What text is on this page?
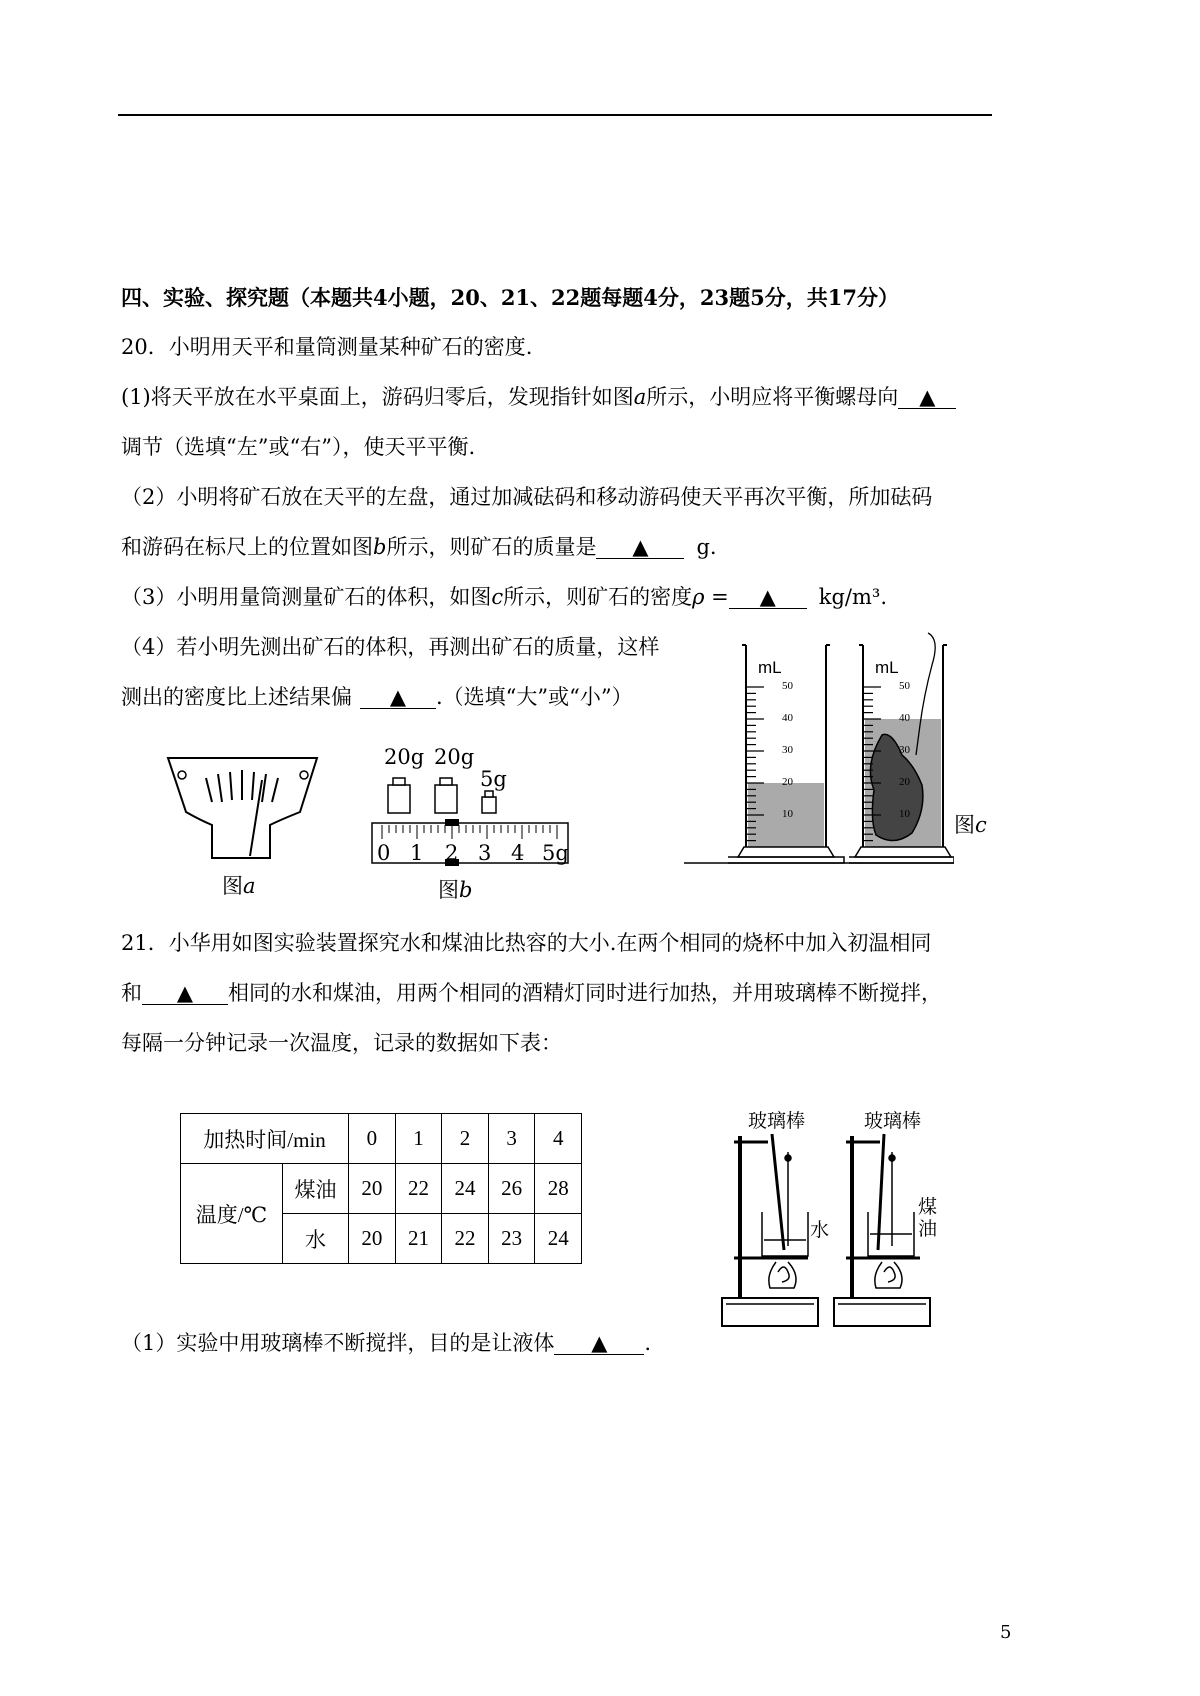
四、实验、探究题（本题共4小题，20、21、22题每题4分，23题5分，共17分）
20．小明用天平和量筒测量某种矿石的密度.
(1)将天平放在水平桌面上，游码归零后，发现指针如图a所示，小明应将平衡螺母向 ▲
调节（选填“左”或“右”），使天平平衡.
（2）小明将矿石放在天平的左盘，通过加减砝码和移动游码使天平再次平衡，所加砝码
和游码在标尺上的位置如图b所示，则矿石的质量是 ▲ g.
（3）小明用量筒测量矿石的体积，如图c所示，则矿石的密度ρ = ▲ kg/m³.
（4）若小明先测出矿石的体积，再测出矿石的质量，这样
测出的密度比上述结果偏 ▲ .（选填“大”或“小”）
图a
20g 20g
5g
0 1 2 3 4 5g
图b
mL	mL
50
40
30
20
10
50
40
30
20
10 图c
21．小华用如图实验装置探究水和煤油比热容的大小.在两个相同的烧杯中加入初温相同
和 ▲ 相同的水和煤油，用两个相同的酒精灯同时进行加热，并用玻璃棒不断搅拌，
每隔一分钟记录一次温度，记录的数据如下表：
加热时间/min		0	1	2	3	4
温度/℃	煤油	20	22	24	26	28
	水	20	21	22	23	24
玻璃棒	玻璃棒
水
煤
油
（1）实验中用玻璃棒不断搅拌，目的是让液体 ▲ .
5
